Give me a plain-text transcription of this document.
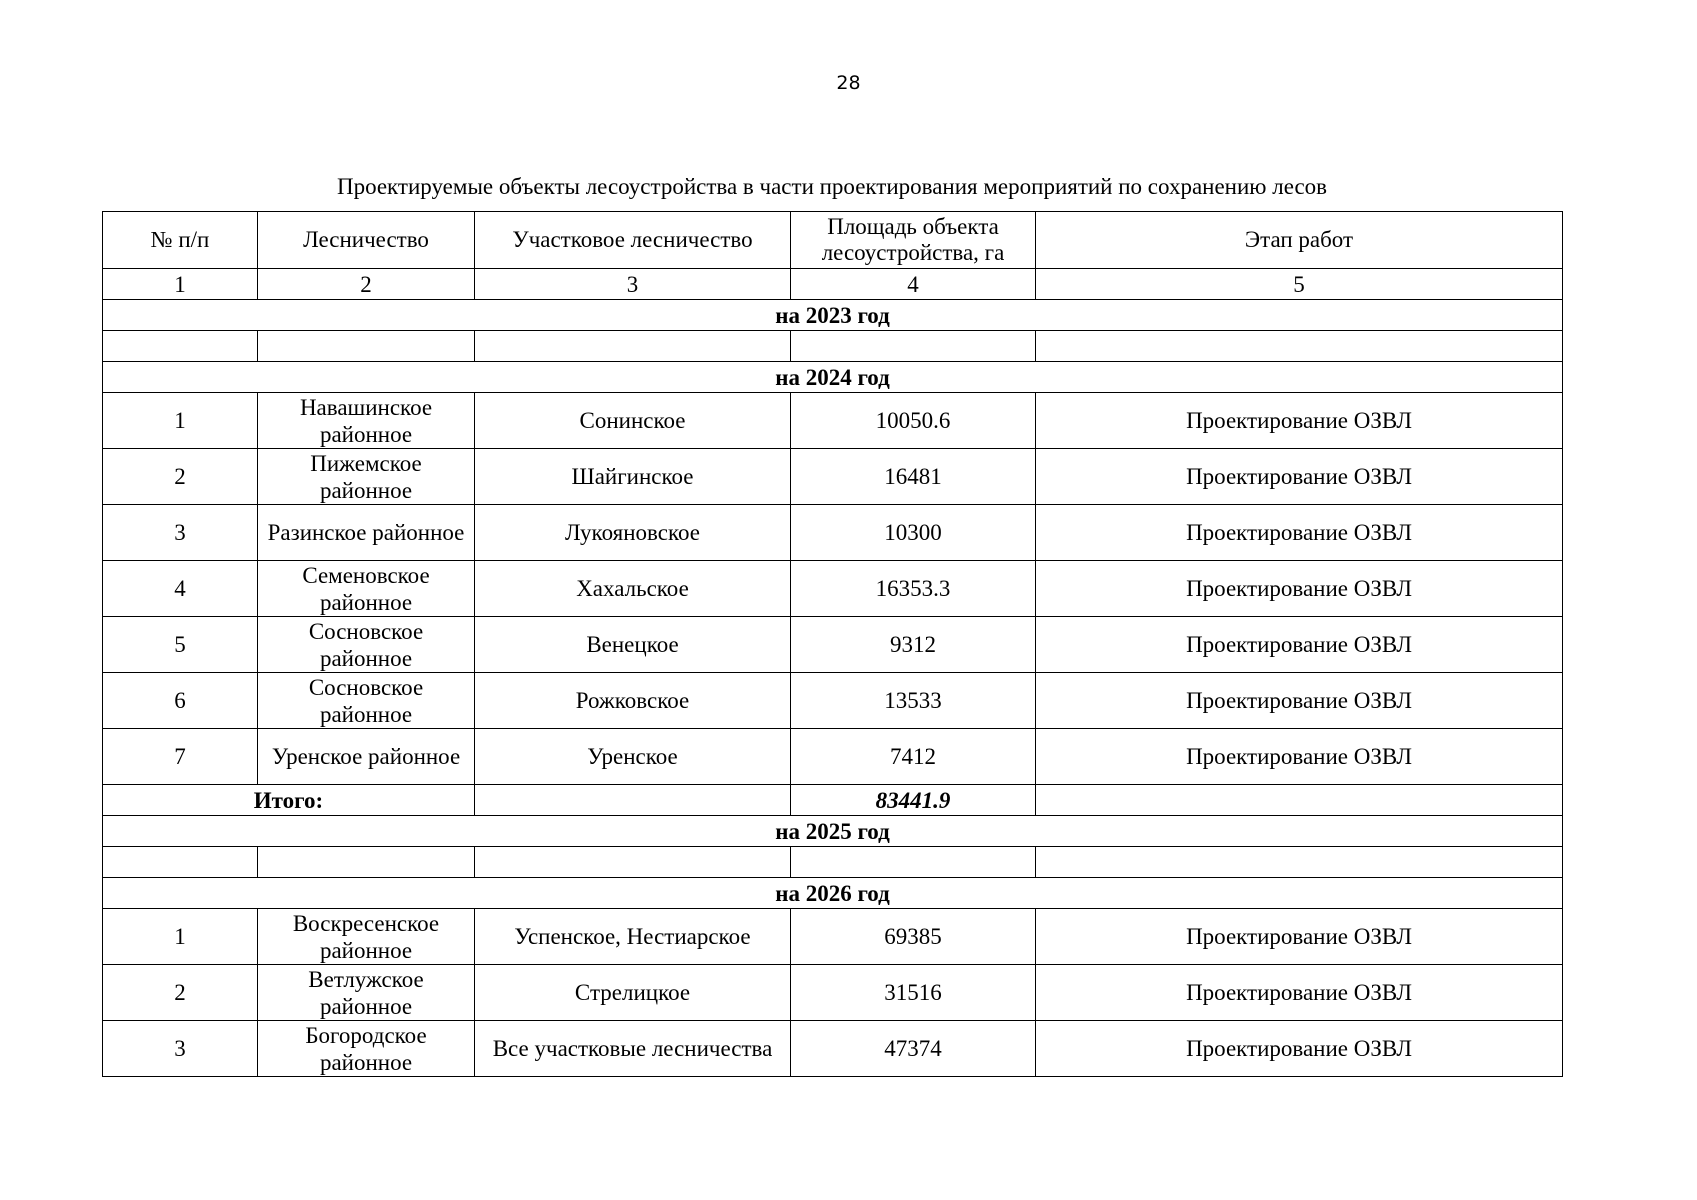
28
Проектируемые объекты лесоустройства в части проектирования мероприятий по сохранению лесов
№ п/п	Лесничество	Участковое лесничество	Площадь объекта лесоустройства, га	Этап работ
1	2	3	4	5
на 2023 год				

на 2024 год				
1	Навашинское районное	Сонинское	10050.6	Проектирование ОЗВЛ
2	Пижемское районное	Шайгинское	16481	Проектирование ОЗВЛ
3	Разинское районное	Лукояновское	10300	Проектирование ОЗВЛ
4	Семеновское районное	Хахальское	16353.3	Проектирование ОЗВЛ
5	Сосновское районное	Венецкое	9312	Проектирование ОЗВЛ
6	Сосновское районное	Рожковское	13533	Проектирование ОЗВЛ
7	Уренское районное	Уренское	7412	Проектирование ОЗВЛ
Итого:			83441.9	
на 2025 год				

на 2026 год				
1	Воскресенское районное	Успенское, Нестиарское	69385	Проектирование ОЗВЛ
2	Ветлужское районное	Стрелицкое	31516	Проектирование ОЗВЛ
3	Богородское районное	Все участковые лесничества	47374	Проектирование ОЗВЛ
